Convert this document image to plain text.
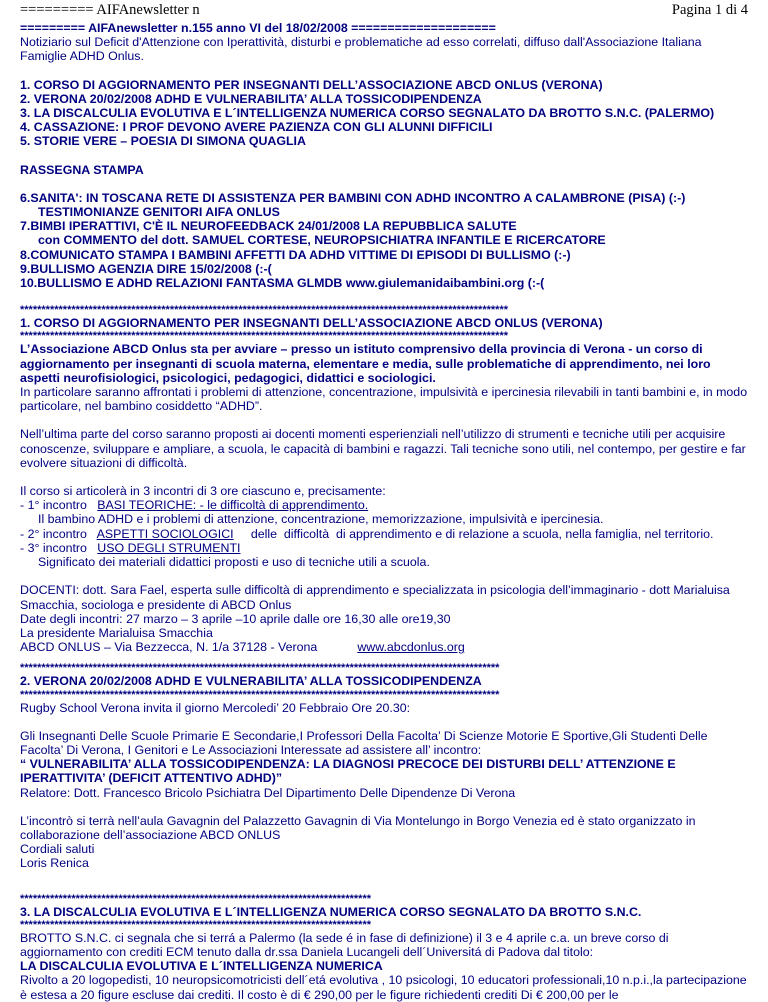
========= AIFAnewsletter n	Pagina 1 di 4

========= AIFAnewsletter n.155 anno VI del 18/02/2008 ====================

Notiziario sul Deficit d'Attenzione con Iperattività, disturbi e problematiche ad esso correlati, diffuso dall'Associazione Italiana Famiglie ADHD Onlus.

1. CORSO DI AGGIORNAMENTO PER INSEGNANTI DELL’ASSOCIAZIONE ABCD ONLUS (VERONA)

2. VERONA 20/02/2008 ADHD E VULNERABILITA’ ALLA TOSSICODIPENDENZA

3. LA DISCALCULIA EVOLUTIVA E L´INTELLIGENZA NUMERICA CORSO SEGNALATO DA BROTTO S.N.C. (PALERMO)

4. CASSAZIONE: I PROF DEVONO AVERE PAZIENZA CON GLI ALUNNI DIFFICILI

5. STORIE VERE – POESIA DI SIMONA QUAGLIA

RASSEGNA STAMPA

6.SANITA': IN TOSCANA RETE DI ASSISTENZA PER BAMBINI CON ADHD INCONTRO A CALAMBRONE (PISA) (:-)

TESTIMONIANZE GENITORI AIFA ONLUS

7.BIMBI IPERATTIVI, C'È IL NEUROFEEDBACK 24/01/2008 LA REPUBBLICA SALUTE

con COMMENTO del dott. SAMUEL CORTESE, NEUROPSICHIATRA INFANTILE E RICERCATORE

8.COMUNICATO STAMPA I BAMBINI AFFETTI DA ADHD VITTIME DI EPISODI DI BULLISMO (:-)

9.BULLISMO AGENZIA DIRE 15/02/2008 (:-(

10.BULLISMO E ADHD RELAZIONI FANTASMA GLMDB www.giulemanidaibambini.org (:-(

******************************************************************************************************************

1. CORSO DI AGGIORNAMENTO PER INSEGNANTI DELL’ASSOCIAZIONE ABCD ONLUS (VERONA)

******************************************************************************************************************

L’Associazione ABCD Onlus sta per avviare – presso un istituto comprensivo della provincia di Verona - un corso di aggiornamento per insegnanti di scuola materna, elementare e media, sulle problematiche di apprendimento, nei loro aspetti neurofisiologici, psicologici, pedagogici, didattici e sociologici.

In particolare saranno affrontati i problemi di attenzione, concentrazione, impulsività e ipercinesia rilevabili in tanti bambini e, in modo particolare, nel bambino cosiddetto “ADHD”.

Nell’ultima parte del corso saranno proposti ai docenti momenti esperienziali nell’utilizzo di strumenti e tecniche utili per acquisire conoscenze, sviluppare e ampliare, a scuola, le capacità di bambini e ragazzi. Tali tecniche sono utili, nel contempo, per gestire e far evolvere situazioni di difficoltà.

Il corso si articolerà in 3 incontri di 3 ore ciascuno e, precisamente:

- 1° incontro   BASI TEORICHE: - le difficoltà di apprendimento.

Il bambino ADHD e i problemi di attenzione, concentrazione, memorizzazione, impulsività e ipercinesia.

- 2° incontro   ASPETTI SOCIOLOGICI     delle  difficoltà  di apprendimento e di relazione a scuola, nella famiglia, nel territorio.

- 3° incontro   USO DEGLI STRUMENTI

Significato dei materiali didattici proposti e uso di tecniche utili a scuola.

DOCENTI: dott. Sara Fael, esperta sulle difficoltà di apprendimento e specializzata in psicologia dell’immaginario - dott Marialuisa Smacchia, sociologa e presidente di ABCD Onlus

Date degli incontri: 27 marzo – 3 aprile –10 aprile dalle ore 16,30 alle ore19,30

La presidente Marialuisa Smacchia

ABCD ONLUS – Via Bezzecca, N. 1/a 37128 - Verona	www.abcdonlus.org

****************************************************************************************************************

2. VERONA 20/02/2008 ADHD E VULNERABILITA’ ALLA TOSSICODIPENDENZA

****************************************************************************************************************

Rugby School Verona invita il giorno Mercoledi’ 20 Febbraio Ore 20.30:

Gli Insegnanti Delle Scuole Primarie E Secondarie,I Professori Della Facolta’ Di Scienze Motorie E Sportive,Gli Studenti Delle Facolta’ Di Verona, I Genitori e Le Associazioni Interessate ad assistere all’ incontro:

“ VULNERABILITA’ ALLA TOSSICODIPENDENZA: LA DIAGNOSI PRECOCE DEI DISTURBI DELL’ ATTENZIONE E IPERATTIVITA’ (DEFICIT ATTENTIVO ADHD)”

Relatore: Dott. Francesco Bricolo Psichiatra Del Dipartimento Delle Dipendenze Di Verona

L’incontrò si terrà nell’aula Gavagnin del Palazzetto Gavagnin di Via Montelungo in Borgo Venezia ed è stato organizzato in collaborazione dell’associazione ABCD ONLUS

Cordiali saluti

Loris Renica

**********************************************************************************

3. LA DISCALCULIA EVOLUTIVA E L´INTELLIGENZA NUMERICA CORSO SEGNALATO DA BROTTO S.N.C.

**********************************************************************************

BROTTO S.N.C. ci segnala che si terrá a Palermo (la sede é in fase di definizione) il 3 e 4 aprile c.a. un breve corso di aggiornamento con crediti ECM tenuto dalla dr.ssa Daniela Lucangeli dell´Universitá di Padova dal titolo:

LA DISCALCULIA EVOLUTIVA E L´INTELLIGENZA NUMERICA

Rivolto a 20 logopedisti, 10 neuropsicomotricisti dell´etá evolutiva , 10 psicologi, 10 educatori professionali,10 n.p.i.,la partecipazione è estesa a 20 figure escluse dai crediti. Il costo è di € 290,00 per le figure richiedenti crediti Di € 200,00 per le
